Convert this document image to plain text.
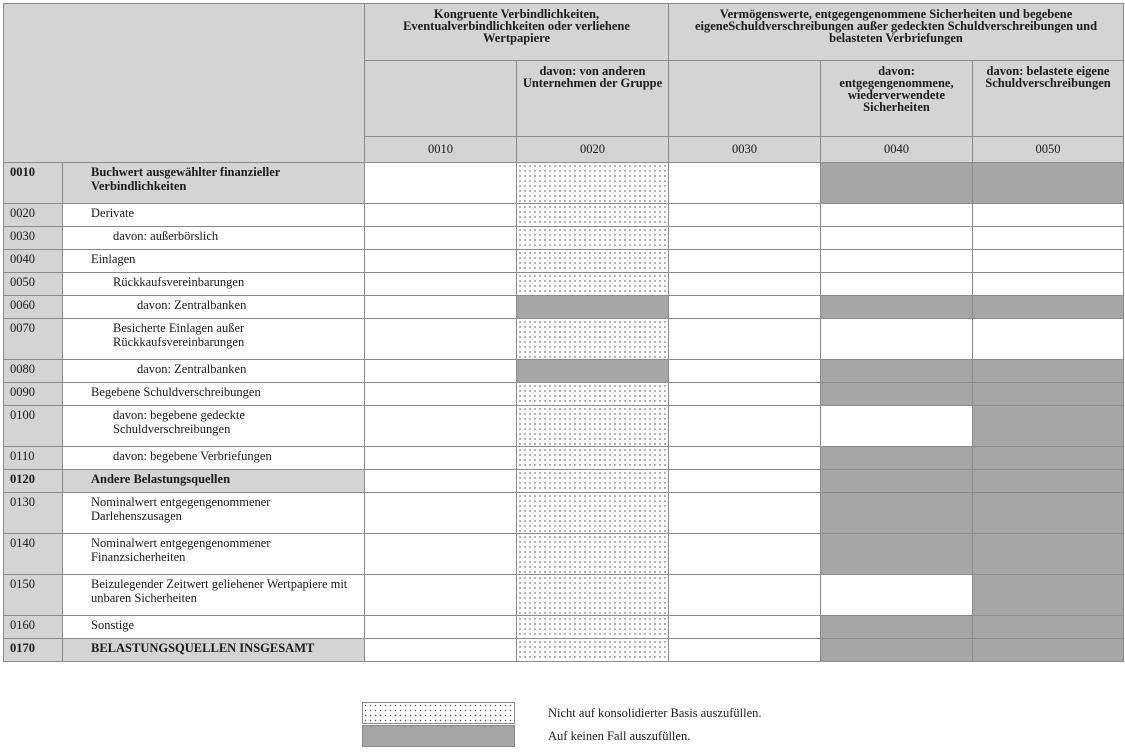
		Kongruente Verbindlichkeiten, Eventualverbindlichkeiten oder verliehene Wertpapiere		Vermögenswerte, entgegengenommene Sicherheiten und begebene eigeneSchuldverschreibungen außer gedeckten Schuldverschreibungen und belasteten Verbriefungen		
			davon: von anderen Unternehmen der Gruppe		davon: entgegengenommene, wiederverwendete Sicherheiten	davon: belastete eigene Schuldverschreibungen
		0010	0020	0030	0040	0050
0010	Buchwert ausgewählter finanzieller Verbindlichkeiten					
0020	Derivate					
0030	davon: außerbörslich					
0040	Einlagen					
0050	Rückkaufsvereinbarungen					
0060	davon: Zentralbanken					
0070	Besicherte Einlagen außer Rückkaufsvereinbarungen					
0080	davon: Zentralbanken					
0090	Begebene Schuldverschreibungen					
0100	davon: begebene gedeckte Schuldverschreibungen					
0110	davon: begebene Verbriefungen					
0120	Andere Belastungsquellen					
0130	Nominalwert entgegengenommener Darlehenszusagen					
0140	Nominalwert entgegengenommener Finanzsicherheiten					
0150	Beizulegender Zeitwert geliehener Wertpapiere mit unbaren Sicherheiten					
0160	Sonstige					
0170	BELASTUNGSQUELLEN INSGESAMT					
Nicht auf konsolidierter Basis auszufüllen.
Auf keinen Fall auszufüllen.
